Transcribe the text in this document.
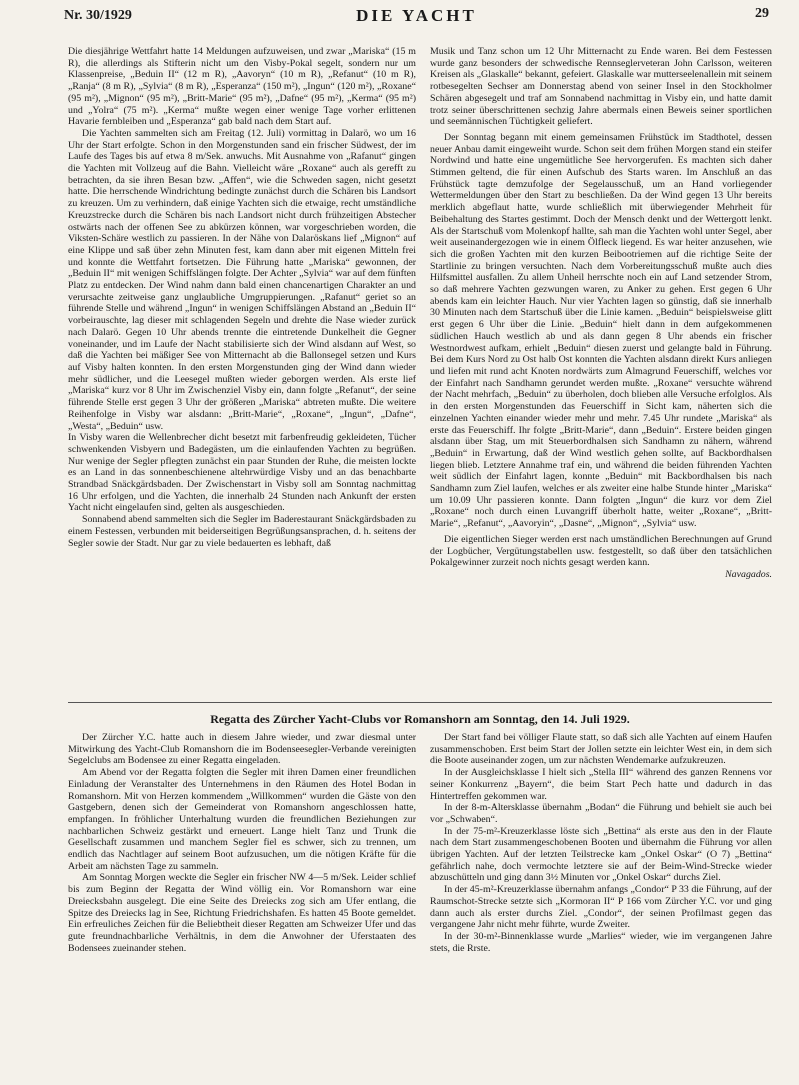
Nr. 30/1929	DIE YACHT	29

Die diesjährige Wettfahrt hatte 14 Meldungen aufzuweisen, und zwar „Mariska“ (15 m R), die allerdings als Stifterin nicht um den Visby-Pokal segelt, sondern nur um Klassenpreise, „Beduin II“ (12 m R), „Aavoryn“ (10 m R), „Refanut“ (10 m R), „Ranja“ (8 m R), „Sylvia“ (8 m R), „Esperanza“ (150 m²), „Ingun“ (120 m²), „Roxane“ (95 m²), „Mignon“ (95 m²), „Britt-Marie“ (95 m²), „Dafne“ (95 m²), „Kerma“ (95 m²) und „Yolra“ (75 m²). „Kerma“ mußte wegen einer wenige Tage vorher erlittenen Havarie fernbleiben und „Esperanza“ gab bald nach dem Start auf.

Die Yachten sammelten sich am Freitag (12. Juli) vormittag in Dalarö, wo um 16 Uhr der Start erfolgte. Schon in den Morgenstunden sand ein frischer Südwest, der im Laufe des Tages bis auf etwa 8 m/Sek. anwuchs. Mit Ausnahme von „Rafanut“ gingen die Yachten mit Vollzeug auf die Bahn. Vielleicht wäre „Roxane“ auch als gerefft zu betrachten, da sie ihren Besan bzw. „Affen“, wie die Schweden sagen, nicht gesetzt hatte. Die herrschende Windrichtung bedingte zunächst durch die Schären bis Landsort zu kreuzen. Um zu verhindern, daß einige Yachten sich die etwaige, recht umständliche Kreuzstrecke durch die Schären bis nach Landsort nicht durch frühzeitigen Abstecher ostwärts nach der offenen See zu abkürzen können, war vorgeschrieben worden, die Viksten-Schäre westlich zu passieren. In der Nähe von Dalaröskans lief „Mignon“ auf eine Klippe und saß über zehn Minuten fest, kam dann aber mit eigenen Mitteln frei und konnte die Wettfahrt fortsetzen. Die Führung hatte „Mariska“ gewonnen, der „Beduin II“ mit wenigen Schiffslängen folgte. Der Achter „Sylvia“ war auf dem fünften Platz zu entdecken. Der Wind nahm dann bald einen chancenartigen Charakter an und verursachte zeitweise ganz unglaubliche Umgruppierungen. „Rafanut“ geriet so an führende Stelle und während „Ingun“ in wenigen Schiffslängen Abstand an „Beduin II“ vorbeirauschte, lag dieser mit schlagenden Segeln und drehte die Nase wieder zurück nach Dalarö. Gegen 10 Uhr abends trennte die eintretende Dunkelheit die Gegner voneinander, und im Laufe der Nacht stabilisierte sich der Wind alsdann auf West, so daß die Yachten bei mäßiger See von Mitternacht ab die Ballonsegel setzen und Kurs auf Visby halten konnten. In den ersten Morgenstunden ging der Wind dann wieder mehr südlicher, und die Leesegel mußten wieder geborgen werden. Als erste lief „Mariska“ kurz vor 8 Uhr im Zwischenziel Visby ein, dann folgte „Refanut“, der seine führende Stelle erst gegen 3 Uhr der größeren „Mariska“ abtreten mußte. Die weitere Reihenfolge in Visby war alsdann: „Britt-Marie“, „Roxane“, „Ingun“, „Dafne“, „Westa“, „Beduin“ usw.

In Visby waren die Wellenbrecher dicht besetzt mit farbenfreudig gekleideten, Tücher schwenkenden Visbyern und Badegästen, um die einlaufenden Yachten zu begrüßen. Nur wenige der Segler pflegten zunächst ein paar Stunden der Ruhe, die meisten lockte es an Land in das sonnenbeschienene altehrwürdige Visby und an das benachbarte Strandbad Snäckgärdsbaden. Der Zwischenstart in Visby soll am Sonntag nachmittag 16 Uhr erfolgen, und die Yachten, die innerhalb 24 Stunden nach Ankunft der ersten Yacht nicht eingelaufen sind, gelten als ausgeschieden.

Sonnabend abend sammelten sich die Segler im Baderestaurant Snäckgärdsbaden zu einem Festessen, verbunden mit beiderseitigen Begrüßungsansprachen, d. h. seitens der Segler sowie der Stadt. Nur gar zu viele bedauerten es lebhaft, daß

Musik und Tanz schon um 12 Uhr Mitternacht zu Ende waren. Bei dem Festessen wurde ganz besonders der schwedische Rennseglerveteran John Carlsson, weiteren Kreisen als „Glaskalle“ bekannt, gefeiert. Glaskalle war mutterseelenallein mit seinem rotbesegelten Sechser am Donnerstag abend von seiner Insel in den Stockholmer Schären abgesegelt und traf am Sonnabend nachmittag in Visby ein, und hatte damit trotz seiner überschrittenen sechzig Jahre abermals einen Beweis seiner sportlichen und seemännischen Tüchtigkeit geliefert.

Der Sonntag begann mit einem gemeinsamen Frühstück im Stadthotel, dessen neuer Anbau damit eingeweiht wurde. Schon seit dem frühen Morgen stand ein steifer Nordwind und hatte eine ungemütliche See hervorgerufen. Es machten sich daher Stimmen geltend, die für einen Aufschub des Starts waren. Im Anschluß an das Frühstück tagte demzufolge der Segelausschuß, um an Hand vorliegender Wettermeldungen über den Start zu beschließen. Da der Wind gegen 13 Uhr bereits merklich abgeflaut hatte, wurde schließlich mit überwiegender Mehrheit für Beibehaltung des Startes gestimmt. Doch der Mensch denkt und der Wettergott lenkt. Als der Startschuß vom Molenkopf hallte, sah man die Yachten wohl unter Segel, aber weit auseinandergezogen wie in einem Ölfleck liegend. Es war heiter anzusehen, wie sich die großen Yachten mit den kurzen Beibootriemen auf die richtige Seite der Startlinie zu bringen versuchten. Nach dem Vorbereitungsschuß mußte auch dies Hilfsmittel ausfallen. Zu allem Unheil herrschte noch ein auf Land setzender Strom, so daß mehrere Yachten gezwungen waren, zu Anker zu gehen. Erst gegen 6 Uhr abends kam ein leichter Hauch. Nur vier Yachten lagen so günstig, daß sie innerhalb 30 Minuten nach dem Startschuß über die Linie kamen. „Beduin“ beispielsweise glitt erst gegen 6 Uhr über die Linie. „Beduin“ hielt dann in dem aufgekommenen südlichen Hauch westlich ab und als dann gegen 8 Uhr abends ein frischer Westnordwest aufkam, erhielt „Beduin“ diesen zuerst und gelangte bald in Führung. Bei dem Kurs Nord zu Ost halb Ost konnten die Yachten alsdann direkt Kurs anliegen und liefen mit rund acht Knoten nordwärts zum Almagrund Feuerschiff, welches vor der Einfahrt nach Sandhamn gerundet werden mußte. „Roxane“ versuchte während der Nacht mehrfach, „Beduin“ zu überholen, doch blieben alle Versuche erfolglos. Als in den ersten Morgenstunden das Feuerschiff in Sicht kam, näherten sich die einzelnen Yachten einander wieder mehr und mehr. 7.45 Uhr rundete „Mariska“ als erste das Feuerschiff. Ihr folgte „Britt-Marie“, dann „Beduin“. Erstere beiden gingen alsdann über Stag, um mit Steuerbordhalsen sich Sandhamn zu nähern, während „Beduin“ in Erwartung, daß der Wind westlich gehen sollte, auf Backbordhalsen liegen blieb. Letztere Annahme traf ein, und während die beiden führenden Yachten weit südlich der Einfahrt lagen, konnte „Beduin“ mit Backbordhalsen bis nach Sandhamn zum Ziel laufen, welches er als zweiter eine halbe Stunde hinter „Mariska“ um 10.09 Uhr passieren konnte. Dann folgten „Ingun“ die kurz vor dem Ziel „Roxane“ noch durch einen Luvangriff überholt hatte, weiter „Roxane“, „Britt-Marie“, „Refanut“, „Aavoryin“, „Dasne“, „Mignon“, „Sylvia“ usw.

Die eigentlichen Sieger werden erst nach umständlichen Berechnungen auf Grund der Logbücher, Vergütungstabellen usw. festgestellt, so daß über den tatsächlichen Pokalgewinner zurzeit noch nichts gesagt werden kann.

Navagados.
Regatta des Zürcher Yacht-Clubs vor Romanshorn am Sonntag, den 14. Juli 1929.

Der Zürcher Y.C. hatte auch in diesem Jahre wieder, und zwar diesmal unter Mitwirkung des Yacht-Club Romanshorn die im Bodenseesegler-Verbande vereinigten Segelclubs am Bodensee zu einer Regatta eingeladen.

Am Abend vor der Regatta folgten die Segler mit ihren Damen einer freundlichen Einladung der Veranstalter des Unternehmens in den Räumen des Hotel Bodan in Romanshorn. Mit von Herzen kommendem „Willkommen“ wurden die Gäste von den Gastgebern, denen sich der Gemeinderat von Romanshorn angeschlossen hatte, empfangen. In fröhlicher Unterhaltung wurden die freundlichen Beziehungen zur nachbarlichen Schweiz gestärkt und erneuert. Lange hielt Tanz und Trunk die Gesellschaft zusammen und manchem Segler fiel es schwer, sich zu trennen, um endlich das Nachtlager auf seinem Boot aufzusuchen, um die nötigen Kräfte für die Arbeit am nächsten Tage zu sammeln.

Am Sonntag Morgen weckte die Segler ein frischer NW 4—5 m/Sek. Leider schlief bis zum Beginn der Regatta der Wind völlig ein. Vor Romanshorn war eine Dreiecksbahn ausgelegt. Die eine Seite des Dreiecks zog sich am Ufer entlang, die Spitze des Dreiecks lag in See, Richtung Friedrichshafen. Es hatten 45 Boote gemeldet. Ein erfreuliches Zeichen für die Beliebtheit dieser Regatten am Schweizer Ufer und das gute freundnachbarliche Verhältnis, in dem die Anwohner der Uferstaaten des Bodensees zueinander stehen.

Der Start fand bei völliger Flaute statt, so daß sich alle Yachten auf einem Haufen zusammenschoben. Erst beim Start der Jollen setzte ein leichter West ein, in dem sich die Boote auseinander zogen, um zur nächsten Wendemarke aufzukreuzen.

In der Ausgleichsklasse I hielt sich „Stella III“ während des ganzen Rennens vor seiner Konkurrenz „Bayern“, die beim Start Pech hatte und dadurch in das Hintertreffen gekommen war.

In der 8-m-Altersklasse übernahm „Bodan“ die Führung und behielt sie auch bei vor „Schwaben“.

In der 75-m²-Kreuzerklasse löste sich „Bettina“ als erste aus den in der Flaute nach dem Start zusammengeschobenen Booten und übernahm die Führung vor allen übrigen Yachten. Auf der letzten Teilstrecke kam „Onkel Oskar“ (O 7) „Bettina“ gefährlich nahe, doch vermochte letztere sie auf der Beim-Wind-Strecke wieder abzuschütteln und ging dann 3½ Minuten vor „Onkel Oskar“ durchs Ziel.

In der 45-m²-Kreuzerklasse übernahm anfangs „Condor“ P 33 die Führung, auf der Raumschot-Strecke setzte sich „Kormoran II“ P 166 vom Zürcher Y.C. vor und ging dann auch als erster durchs Ziel. „Condor“, der seinen Profilmast gegen das vergangene Jahr nicht mehr führte, wurde Zweiter.

In der 30-m²-Binnenklasse wurde „Marlies“ wieder, wie im vergangenen Jahre stets, die Rrste.
